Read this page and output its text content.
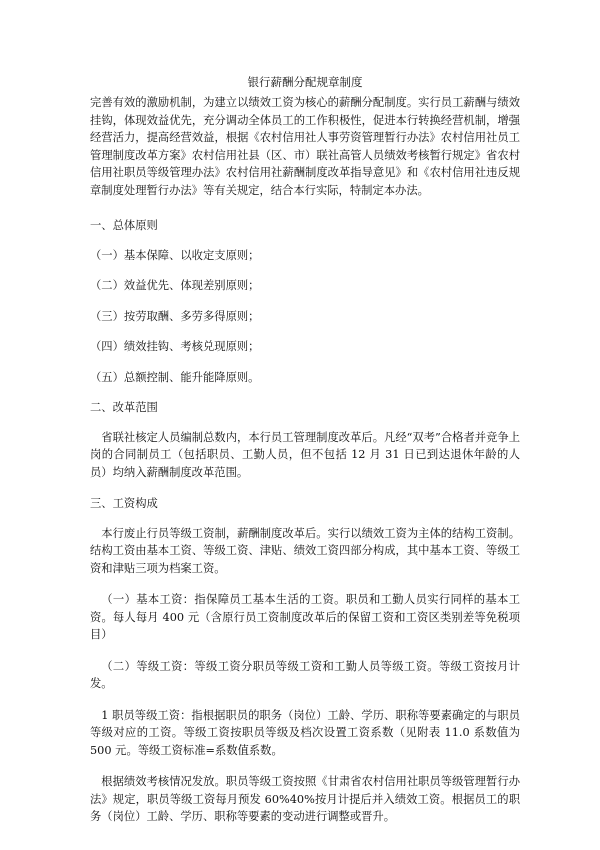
银行薪酬分配规章制度

完善有效的激励机制，为建立以绩效工资为核心的薪酬分配制度。实行员工薪酬与绩效挂钩，体现效益优先，充分调动全体员工的工作积极性，促进本行转换经营机制，增强经营活力，提高经营效益，根据《农村信用社人事劳资管理暂行办法》农村信用社员工管理制度改革方案》农村信用社县（区、市）联社高管人员绩效考核暂行规定》省农村信用社职员等级管理办法》农村信用社薪酬制度改革指导意见》和《农村信用社违反规章制度处理暂行办法》等有关规定，结合本行实际，特制定本办法。

一、总体原则

（一）基本保障、以收定支原则；

（二）效益优先、体现差别原则；

（三）按劳取酬、多劳多得原则；

（四）绩效挂钩、考核兑现原则；

（五）总额控制、能升能降原则。

二、改革范围

省联社核定人员编制总数内，本行员工管理制度改革后。凡经“双考”合格者并竞争上岗的合同制员工（包括职员、工勤人员，但不包括 12 月 31 日已到达退休年龄的人员）均纳入薪酬制度改革范围。

三、工资构成

本行废止行员等级工资制，薪酬制度改革后。实行以绩效工资为主体的结构工资制。结构工资由基本工资、等级工资、津贴、绩效工资四部分构成，其中基本工资、等级工资和津贴三项为档案工资。

（一）基本工资：指保障员工基本生活的工资。职员和工勤人员实行同样的基本工资。每人每月 400 元（含原行员工资制度改革后的保留工资和工资区类别差等免税项目）

（二）等级工资：等级工资分职员等级工资和工勤人员等级工资。等级工资按月计发。

1 职员等级工资：指根据职员的职务（岗位）工龄、学历、职称等要素确定的与职员等级对应的工资。等级工资按职员等级及档次设置工资系数（见附表 11.0 系数值为 500 元。等级工资标准=系数值系数。

根据绩效考核情况发放。职员等级工资按照《甘肃省农村信用社职员等级管理暂行办法》规定，职员等级工资每月预发 60%40%按月计提后并入绩效工资。根据员工的职务（岗位）工龄、学历、职称等要素的变动进行调整或晋升。
